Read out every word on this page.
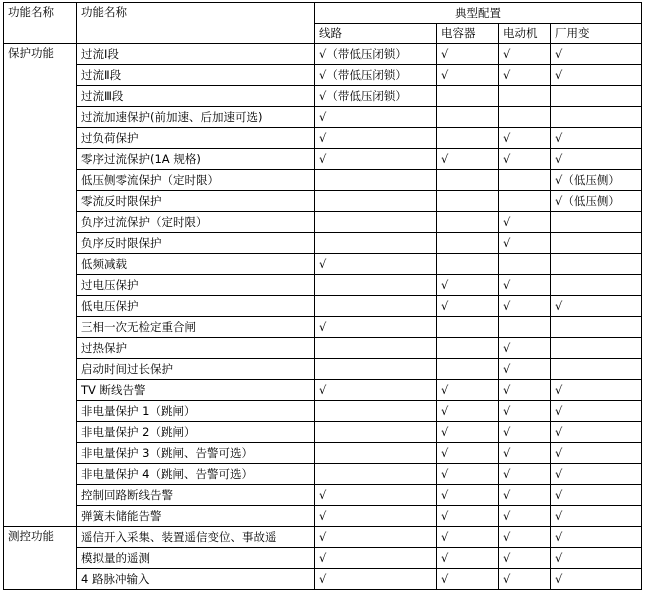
功能名称	功能名称	典型配置			
		线路	电容器	电动机	厂用变
保护功能	过流Ⅰ段	√（带低压闭锁）	√	√	√
	过流Ⅱ段	√（带低压闭锁）	√	√	√
	过流Ⅲ段	√（带低压闭锁）			
	过流加速保护(前加速、后加速可选)	√			
	过负荷保护	√		√	√
	零序过流保护(1A 规格)	√	√	√	√
	低压侧零流保护（定时限）				√（低压侧）
	零流反时限保护				√（低压侧）
	负序过流保护（定时限）			√	
	负序反时限保护			√	
	低频减载	√			
	过电压保护		√	√	
	低电压保护		√	√	√
	三相一次无检定重合闸	√			
	过热保护			√	
	启动时间过长保护			√	
	TV 断线告警	√	√	√	√
	非电量保护 1（跳闸）		√	√	√
	非电量保护 2（跳闸）		√	√	√
	非电量保护 3（跳闸、告警可选）		√	√	√
	非电量保护 4（跳闸、告警可选）		√	√	√
	控制回路断线告警	√	√	√	√
	弹簧未储能告警	√	√	√	√
测控功能	遥信开入采集、装置遥信变位、事故遥	√	√	√	√
	模拟量的遥测	√	√	√	√
	4 路脉冲输入	√	√	√	√
